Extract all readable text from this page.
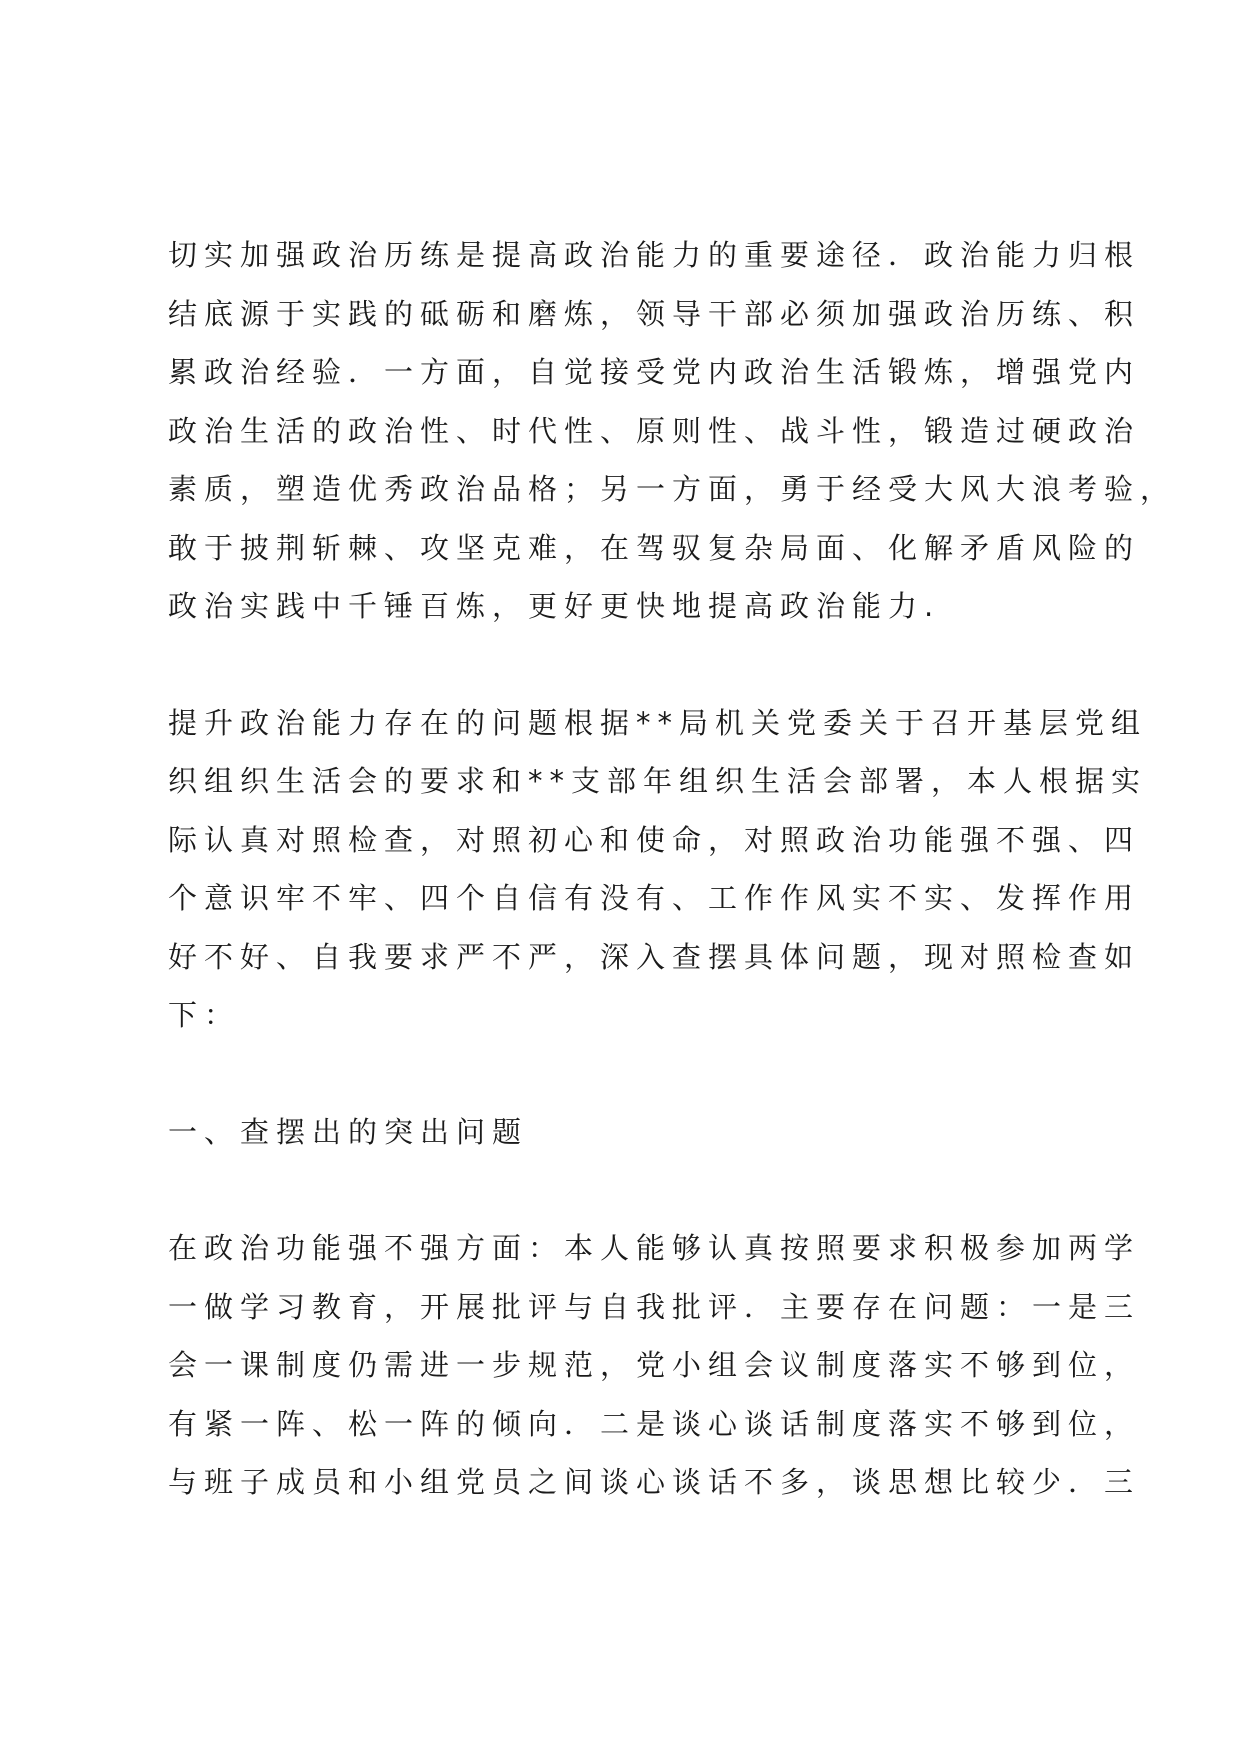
切实加强政治历练是提高政治能力的重要途径．政治能力归根
结底源于实践的砥砺和磨炼，领导干部必须加强政治历练、积
累政治经验．一方面，自觉接受党内政治生活锻炼，增强党内
政治生活的政治性、时代性、原则性、战斗性，锻造过硬政治
素质，塑造优秀政治品格；另一方面，勇于经受大风大浪考验，
敢于披荆斩棘、攻坚克难，在驾驭复杂局面、化解矛盾风险的
政治实践中千锤百炼，更好更快地提高政治能力.
提升政治能力存在的问题根据**局机关党委关于召开基层党组
织组织生活会的要求和**支部年组织生活会部署，本人根据实
际认真对照检查，对照初心和使命，对照政治功能强不强、四
个意识牢不牢、四个自信有没有、工作作风实不实、发挥作用
好不好、自我要求严不严，深入查摆具体问题，现对照检查如
下：
一、查摆出的突出问题
在政治功能强不强方面：本人能够认真按照要求积极参加两学
一做学习教育，开展批评与自我批评．主要存在问题：一是三
会一课制度仍需进一步规范，党小组会议制度落实不够到位，
有紧一阵、松一阵的倾向．二是谈心谈话制度落实不够到位，
与班子成员和小组党员之间谈心谈话不多，谈思想比较少．三
